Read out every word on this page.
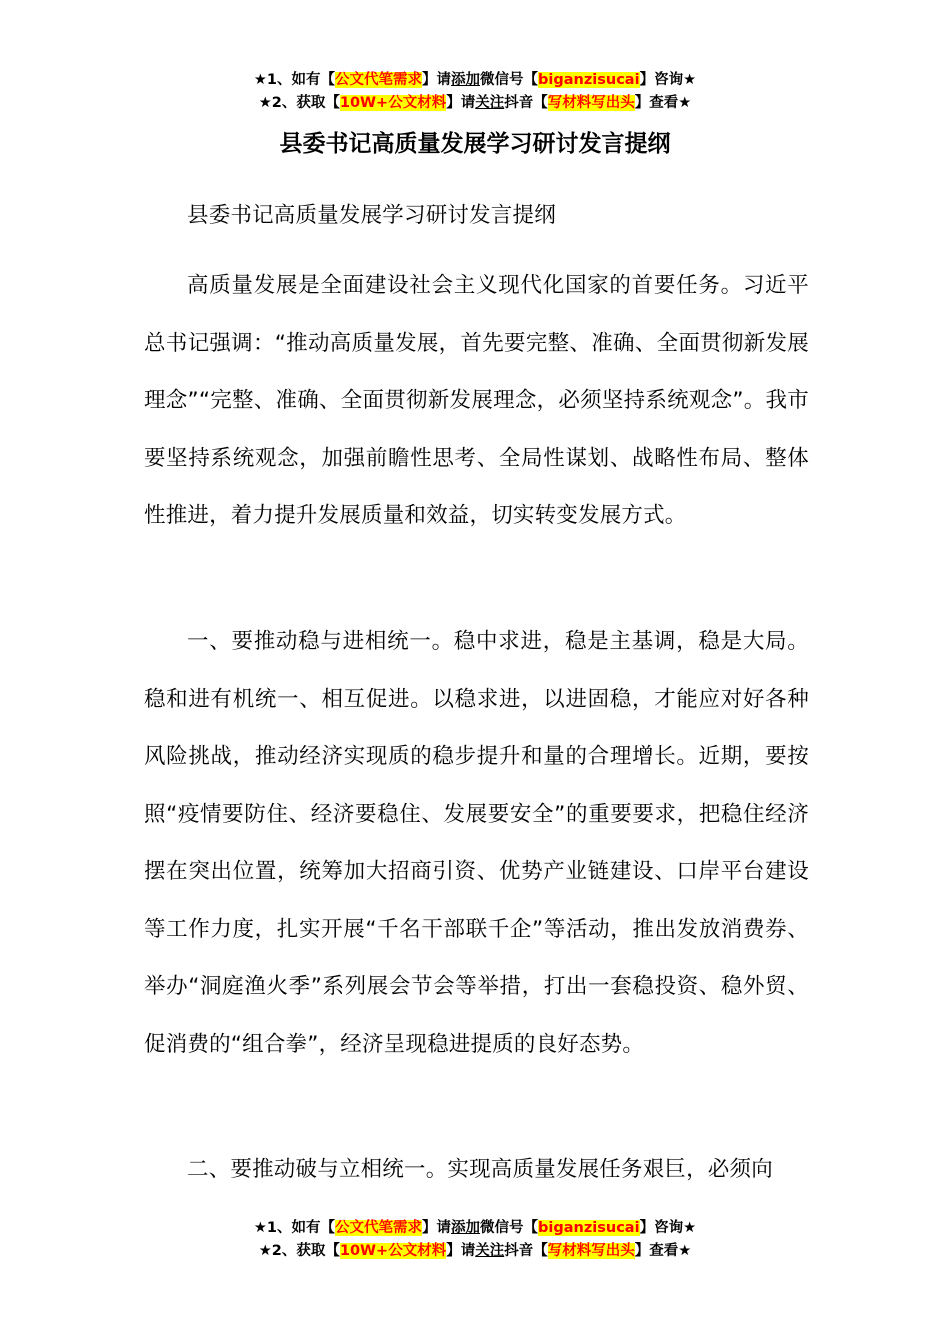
★1、如有【公文代笔需求】请添加微信号【biganzisucai】咨询★
★2、获取【10W+公文材料】请关注抖音【写材料写出头】查看★
县委书记高质量发展学习研讨发言提纲

县委书记高质量发展学习研讨发言提纲

高质量发展是全面建设社会主义现代化国家的首要任务。习近平总书记强调：“推动高质量发展，首先要完整、准确、全面贯彻新发展理念”“完整、准确、全面贯彻新发展理念，必须坚持系统观念”。我市要坚持系统观念，加强前瞻性思考、全局性谋划、战略性布局、整体性推进，着力提升发展质量和效益，切实转变发展方式。

一、要推动稳与进相统一。稳中求进，稳是主基调，稳是大局。稳和进有机统一、相互促进。以稳求进，以进固稳，才能应对好各种风险挑战，推动经济实现质的稳步提升和量的合理增长。近期，要按照“疫情要防住、经济要稳住、发展要安全”的重要要求，把稳住经济摆在突出位置，统筹加大招商引资、优势产业链建设、口岸平台建设等工作力度，扎实开展“千名干部联千企”等活动，推出发放消费券、举办“洞庭渔火季”系列展会节会等举措，打出一套稳投资、稳外贸、促消费的“组合拳”，经济呈现稳进提质的良好态势。

二、要推动破与立相统一。实现高质量发展任务艰巨，必须向

★1、如有【公文代笔需求】请添加微信号【biganzisucai】咨询★
★2、获取【10W+公文材料】请关注抖音【写材料写出头】查看★
